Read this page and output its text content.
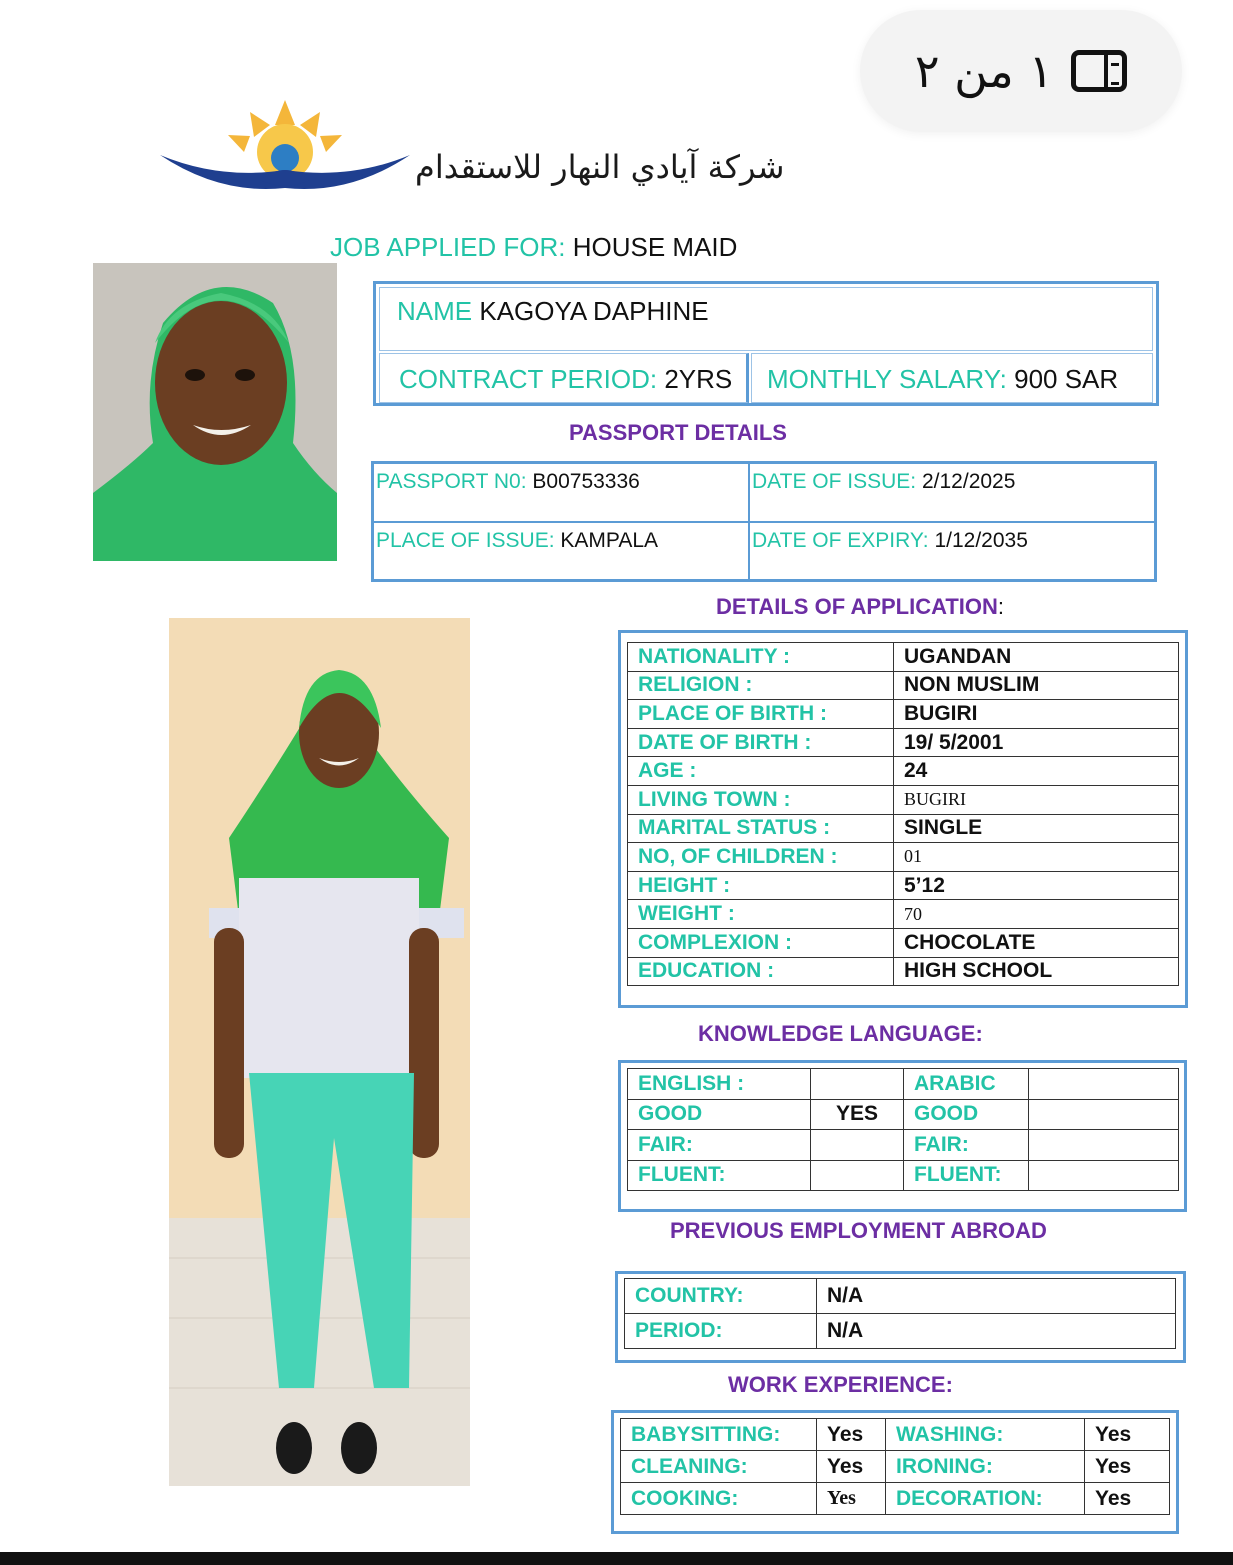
١ من ٢
شركة آيادي النهار للاستقدام
JOB APPLIED FOR: HOUSE MAID
NAME KAGOYA DAPHINE
CONTRACT PERIOD: 2YRS MONTHLY SALARY: 900 SAR
PASSPORT DETAILS
PASSPORT N0: B00753336	DATE OF ISSUE: 2/12/2025
PLACE OF ISSUE: KAMPALA	DATE OF EXPIRY: 1/12/2035
DETAILS OF APPLICATION:
NATIONALITY :	UGANDAN
RELIGION :	NON MUSLIM
PLACE OF BIRTH :	BUGIRI
DATE OF BIRTH :	19/ 5/2001
AGE :	24
LIVING TOWN :	BUGIRI
MARITAL STATUS :	SINGLE
NO, OF CHILDREN :	01
HEIGHT :	5’12
WEIGHT :	70
COMPLEXION :	CHOCOLATE
EDUCATION :	HIGH SCHOOL
KNOWLEDGE LANGUAGE:
ENGLISH :		ARABIC	
GOOD	YES	GOOD	
FAIR:		FAIR:	
FLUENT:		FLUENT:	
PREVIOUS EMPLOYMENT ABROAD
COUNTRY:	N/A
PERIOD:	N/A
WORK EXPERIENCE:
BABYSITTING:	Yes	WASHING:	Yes
CLEANING:	Yes	IRONING:	Yes
COOKING:	Yes	DECORATION:	Yes
